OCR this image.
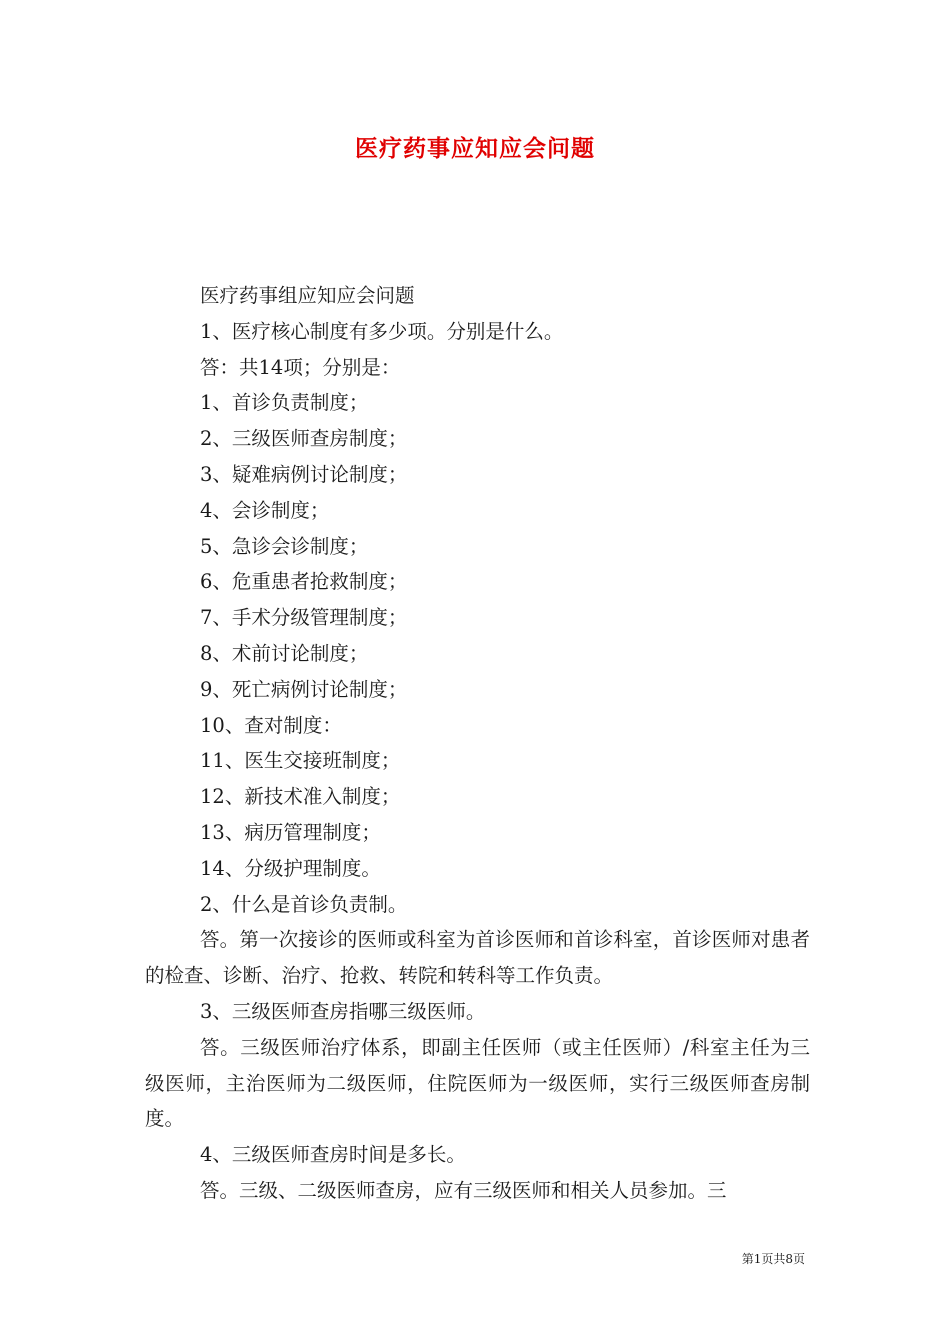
医疗药事应知应会问题

医疗药事组应知应会问题

1、医疗核心制度有多少项。分别是什么。

答：共14项；分别是：

1、首诊负责制度；

2、三级医师查房制度；

3、疑难病例讨论制度；

4、会诊制度；

5、急诊会诊制度；

6、危重患者抢救制度；

7、手术分级管理制度；

8、术前讨论制度；

9、死亡病例讨论制度；

10、查对制度：

11、医生交接班制度；

12、新技术准入制度；

13、病历管理制度；

14、分级护理制度。

2、什么是首诊负责制。

答。第一次接诊的医师或科室为首诊医师和首诊科室，首诊医师对患者的检查、诊断、治疗、抢救、转院和转科等工作负责。

3、三级医师查房指哪三级医师。

答。三级医师治疗体系，即副主任医师（或主任医师）/科室主任为三级医师，主治医师为二级医师，住院医师为一级医师，实行三级医师查房制度。

4、三级医师查房时间是多长。

答。三级、二级医师查房，应有三级医师和相关人员参加。三

第1页共8页
